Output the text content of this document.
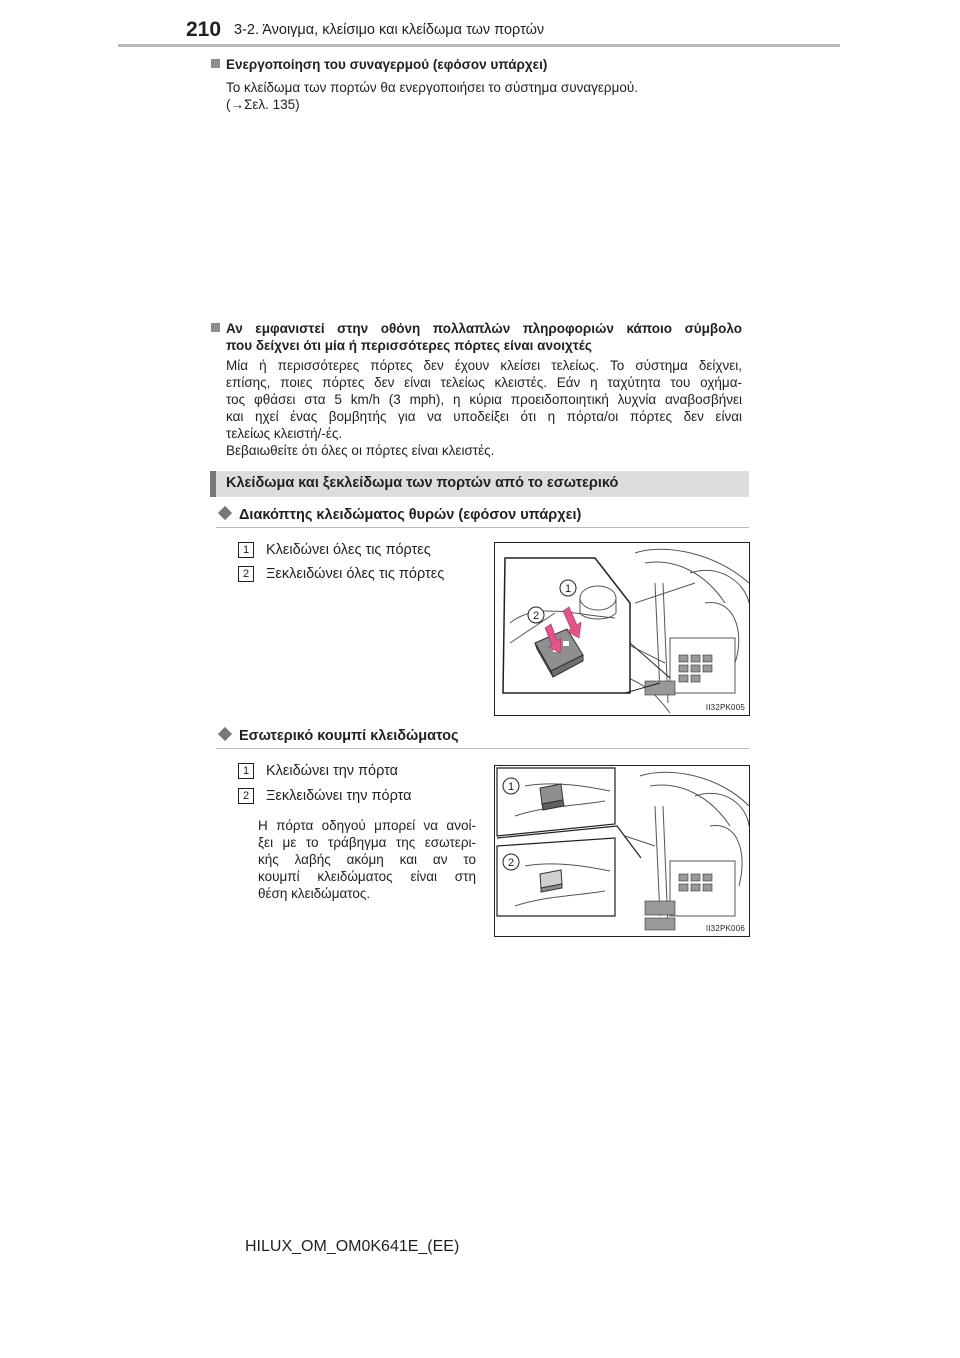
210 3-2. Άνοιγμα, κλείσιμο και κλείδωμα των πορτών
Ενεργοποίηση του συναγερμού (εφόσον υπάρχει)
Το κλείδωμα των πορτών θα ενεργοποιήσει το σύστημα συναγερμού.
(→Σελ. 135)
Αν εμφανιστεί στην οθόνη πολλαπλών πληροφοριών κάποιο σύμβολο
που δείχνει ότι μία ή περισσότερες πόρτες είναι ανοιχτές
Μία ή περισσότερες πόρτες δεν έχουν κλείσει τελείως. Το σύστημα δείχνει,
επίσης, ποιες πόρτες δεν είναι τελείως κλειστές. Εάν η ταχύτητα του οχήμα-
τος φθάσει στα 5 km/h (3 mph), η κύρια προειδοποιητική λυχνία αναβοσβήνει
και ηχεί ένας βομβητής για να υποδείξει ότι η πόρτα/οι πόρτες δεν είναι
τελείως κλειστή/-ές.
Βεβαιωθείτε ότι όλες οι πόρτες είναι κλειστές.
Κλείδωμα και ξεκλείδωμα των πορτών από το εσωτερικό
Διακόπτης κλειδώματος θυρών (εφόσον υπάρχει)
1 Κλειδώνει όλες τις πόρτες
2 Ξεκλειδώνει όλες τις πόρτες
1
2
II32PK005
Εσωτερικό κουμπί κλειδώματος
1 Κλειδώνει την πόρτα
2 Ξεκλειδώνει την πόρτα
Η πόρτα οδηγού μπορεί να ανοί-
ξει με το τράβηγμα της εσωτερι-
κής λαβής ακόμη και αν το
κουμπί κλειδώματος είναι στη
θέση κλειδώματος.
1
2
II32PK006
HILUX_OM_OM0K641E_(EE)
